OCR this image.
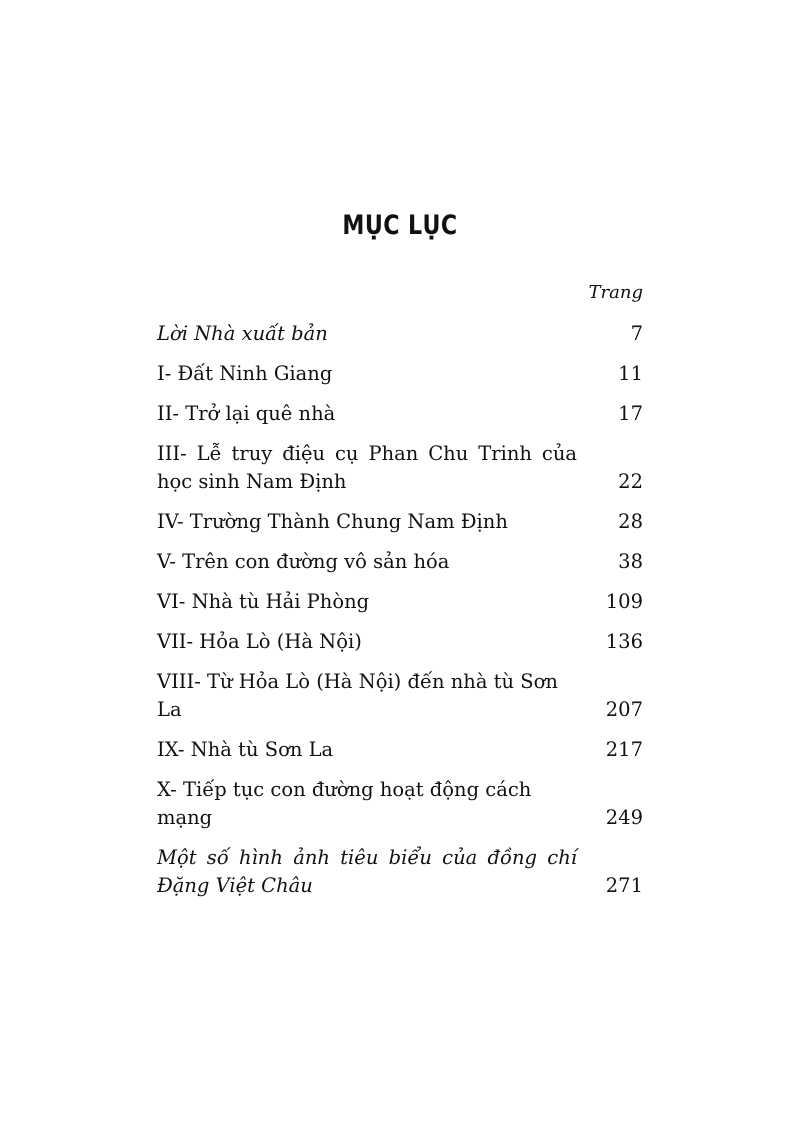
MỤC LỤC
Trang
Lời Nhà xuất bản	7
I- Đất Ninh Giang	11
II- Trở lại quê nhà	17
III- Lễ truy điệu cụ Phan Chu Trinh của học sinh Nam Định	22
IV- Trường Thành Chung Nam Định	28
V- Trên con đường vô sản hóa	38
VI- Nhà tù Hải Phòng	109
VII- Hỏa Lò (Hà Nội)	136
VIII- Từ Hỏa Lò (Hà Nội) đến nhà tù Sơn La	207
IX- Nhà tù Sơn La	217
X- Tiếp tục con đường hoạt động cách mạng	249
Một số hình ảnh tiêu biểu của đồng chí Đặng Việt Châu	271
